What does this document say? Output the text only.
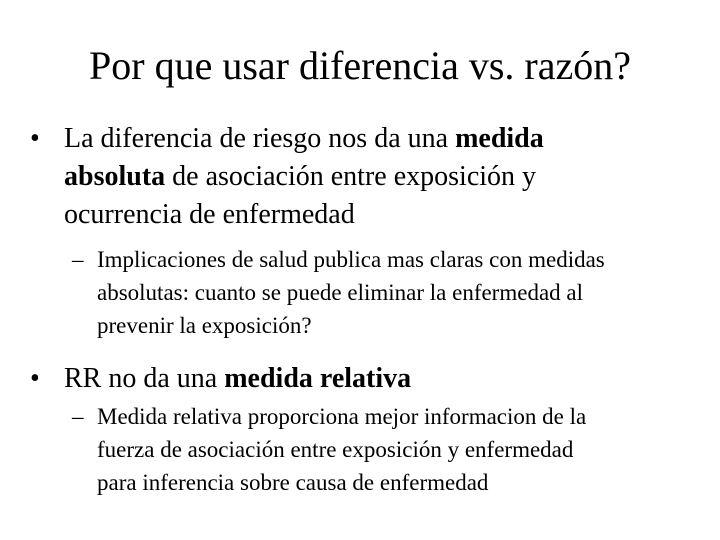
Por que usar diferencia vs. razón?
• La diferencia de riesgo nos da una medida
absoluta de asociación entre exposición y
ocurrencia de enfermedad
– Implicaciones de salud publica mas claras con medidas
absolutas: cuanto se puede eliminar la enfermedad al
prevenir la exposición?
• RR no da una medida relativa
– Medida relativa proporciona mejor informacion de la
fuerza de asociación entre exposición y enfermedad
para inferencia sobre causa de enfermedad
